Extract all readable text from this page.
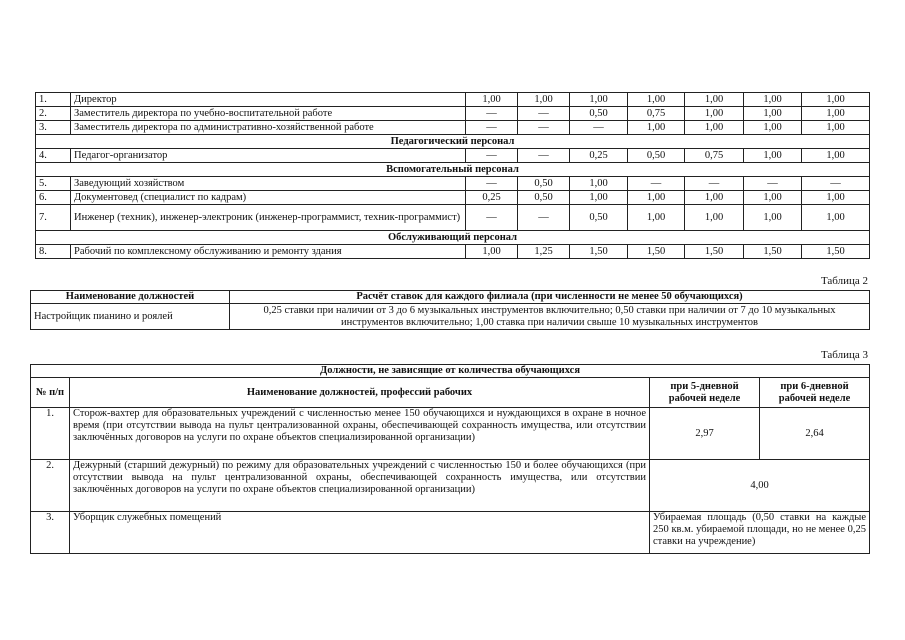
1.	Директор	1,00	1,00	1,00	1,00	1,00	1,00	1,00
2.	Заместитель директора по учебно-воспитательной работе	—	—	0,50	0,75	1,00	1,00	1,00
3.	Заместитель директора по административно-хозяйственной работе	—	—	—	1,00	1,00	1,00	1,00
Педагогический персонал								
4.	Педагог-организатор	—	—	0,25	0,50	0,75	1,00	1,00
Вспомогательный персонал								
5.	Заведующий хозяйством	—	0,50	1,00	—	—	—	—
6.	Документовед (специалист по кадрам)	0,25	0,50	1,00	1,00	1,00	1,00	1,00
7.	Инженер (техник), инженер-электроник (инженер-программист, техник-программист)	—	—	0,50	1,00	1,00	1,00	1,00
Обслуживающий персонал								
8.	Рабочий по комплексному обслуживанию и ремонту здания	1,00	1,25	1,50	1,50	1,50	1,50	1,50
Таблица 2
Наименование должностей	Расчёт ставок для каждого филиала (при численности не менее 50 обучающихся)
Настройщик пианино и роялей	0,25 ставки при наличии от 3 до 6 музыкальных инструментов включительно; 0,50 ставки при наличии от 7 до 10 музыкальных инструментов включительно; 1,00 ставка при наличии свыше 10 музыкальных инструментов
Таблица 3
Должности, не зависящие от количества обучающихся			
№ п/п	Наименование должностей, профессий рабочих	при 5-дневной рабочей неделе	при 6-дневной рабочей неделе
1.	Сторож-вахтер для образовательных учреждений с численностью менее 150 обучающихся и нуждающихся в охране в ночное время (при отсутствии вывода на пульт централизованной охраны, обеспечивающей сохранность имущества, или отсутствии заключённых договоров на услуги по охране объектов специализированной организации)	2,97	2,64
2.	Дежурный (старший дежурный) по режиму для образовательных учреждений с численностью 150 и более обучающихся (при отсутствии вывода на пульт централизованной охраны, обеспечивающей сохранность имущества, или отсутствии заключённых договоров на услуги по охране объектов специализированной организации)	4,00	
3.	Уборщик служебных помещений	Убираемая площадь (0,50 ставки на каждые 250 кв.м. убираемой площади, но не менее 0,25 ставки на учреждение)	
